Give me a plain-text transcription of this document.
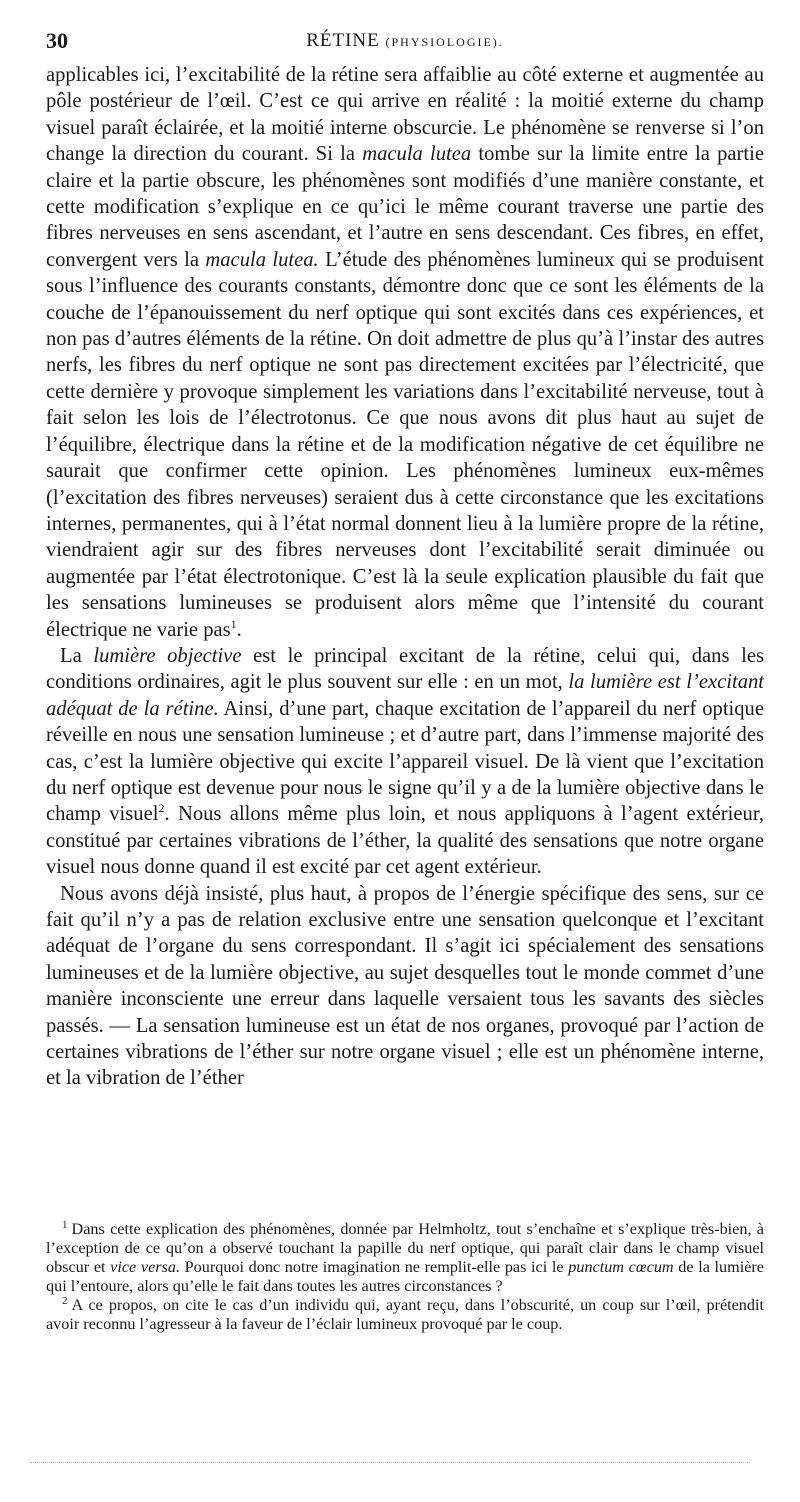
30	RÉTINE (PHYSIOLOGIE).

applicables ici, l’excitabilité de la rétine sera affaiblie au côté externe et augmentée au pôle postérieur de l’œil. C’est ce qui arrive en réalité : la moitié externe du champ visuel paraît éclairée, et la moitié interne obscurcie. Le phénomène se renverse si l’on change la direction du courant. Si la macula lutea tombe sur la limite entre la partie claire et la partie obscure, les phénomènes sont modifiés d’une manière constante, et cette modification s’explique en ce qu’ici le même courant traverse une partie des fibres nerveuses en sens ascendant, et l’autre en sens descendant. Ces fibres, en effet, convergent vers la macula lutea. L’étude des phénomènes lumineux qui se produisent sous l’influence des courants constants, démontre donc que ce sont les éléments de la couche de l’épanouissement du nerf optique qui sont excités dans ces expériences, et non pas d’autres éléments de la rétine. On doit admettre de plus qu’à l’instar des autres nerfs, les fibres du nerf optique ne sont pas directement excitées par l’électricité, que cette dernière y provoque simplement les variations dans l’excitabilité nerveuse, tout à fait selon les lois de l’électrotonus. Ce que nous avons dit plus haut au sujet de l’équilibre, électrique dans la rétine et de la modification négative de cet équilibre ne saurait que confirmer cette opinion. Les phénomènes lumineux eux-mêmes (l’excitation des fibres nerveuses) seraient dus à cette circonstance que les excitations internes, permanentes, qui à l’état normal donnent lieu à la lumière propre de la rétine, viendraient agir sur des fibres nerveuses dont l’excitabilité serait diminuée ou augmentée par l’état électrotonique. C’est là la seule explication plausible du fait que les sensations lumineuses se produisent alors même que l’intensité du courant électrique ne varie pas$^1$.

La lumière objective est le principal excitant de la rétine, celui qui, dans les conditions ordinaires, agit le plus souvent sur elle : en un mot, la lumière est l’excitant adéquat de la rétine. Ainsi, d’une part, chaque excitation de l’appareil du nerf optique réveille en nous une sensation lumineuse ; et d’autre part, dans l’immense majorité des cas, c’est la lumière objective qui excite l’appareil visuel. De là vient que l’excitation du nerf optique est devenue pour nous le signe qu’il y a de la lumière objective dans le champ visuel$^2$. Nous allons même plus loin, et nous appliquons à l’agent extérieur, constitué par certaines vibrations de l’éther, la qualité des sensations que notre organe visuel nous donne quand il est excité par cet agent extérieur.

Nous avons déjà insisté, plus haut, à propos de l’énergie spécifique des sens, sur ce fait qu’il n’y a pas de relation exclusive entre une sensation quelconque et l’excitant adéquat de l’organe du sens correspondant. Il s’agit ici spécialement des sensations lumineuses et de la lumière objective, au sujet desquelles tout le monde commet d’une manière inconsciente une erreur dans laquelle versaient tous les savants des siècles passés. — La sensation lumineuse est un état de nos organes, provoqué par l’action de certaines vibrations de l’éther sur notre organe visuel ; elle est un phénomène interne, et la vibration de l’éther

$^1$ Dans cette explication des phénomènes, donnée par Helmholtz, tout s’enchaîne et s’explique très-bien, à l’exception de ce qu’on a observé touchant la papille du nerf optique, qui paraît clair dans le champ visuel obscur et vice versa. Pourquoi donc notre imagination ne remplit-elle pas ici le punctum cœcum de la lumière qui l’entoure, alors qu’elle le fait dans toutes les autres circonstances ?

$^2$ A ce propos, on cite le cas d’un individu qui, ayant reçu, dans l’obscurité, un coup sur l’œil, prétendit avoir reconnu l’agresseur à la faveur de l’éclair lumineux provoqué par le coup.
